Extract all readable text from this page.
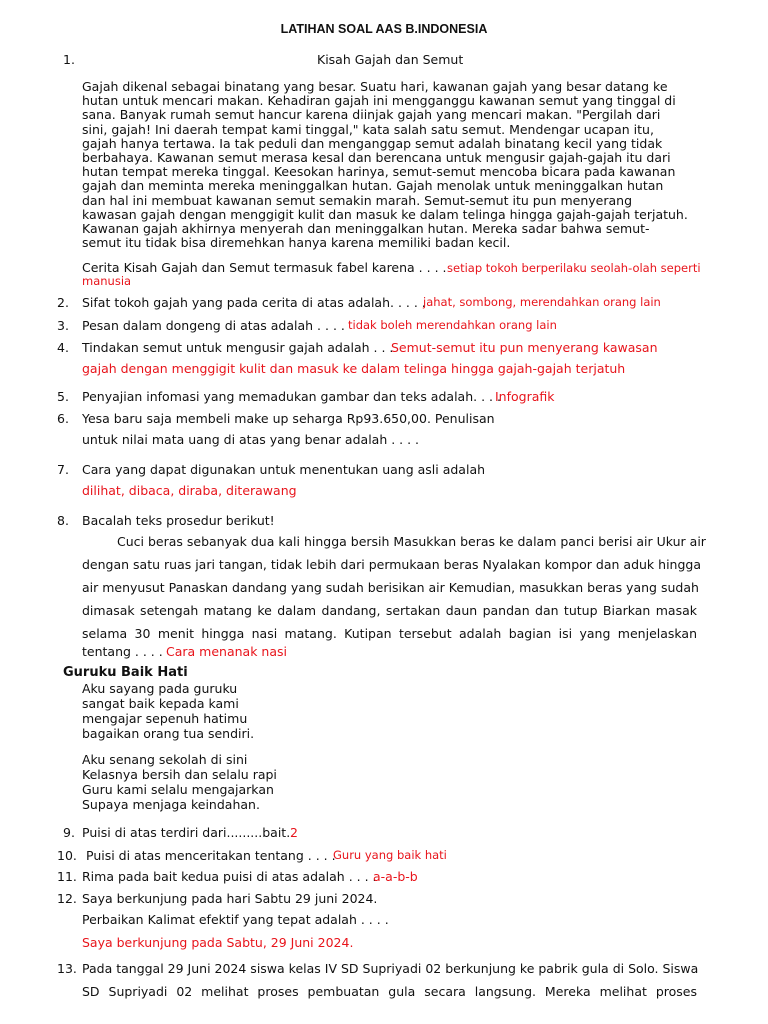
LATIHAN SOAL AAS B.INDONESIA
1.	Kisah Gajah dan Semut
Gajah dikenal sebagai binatang yang besar. Suatu hari, kawanan gajah yang besar datang ke hutan untuk mencari makan. Kehadiran gajah ini mengganggu kawanan semut yang tinggal di sana. Banyak rumah semut hancur karena diinjak gajah yang mencari makan. "Pergilah dari sini, gajah! Ini daerah tempat kami tinggal," kata salah satu semut. Mendengar ucapan itu, gajah hanya tertawa. Ia tak peduli dan menganggap semut adalah binatang kecil yang tidak berbahaya. Kawanan semut merasa kesal dan berencana untuk mengusir gajah-gajah itu dari hutan tempat mereka tinggal. Keesokan harinya, semut-semut mencoba bicara pada kawanan gajah dan meminta mereka meninggalkan hutan. Gajah menolak untuk meninggalkan hutan dan hal ini membuat kawanan semut semakin marah. Semut-semut itu pun menyerang kawasan gajah dengan menggigit kulit dan masuk ke dalam telinga hingga gajah-gajah terjatuh. Kawanan gajah akhirnya menyerah dan meninggalkan hutan. Mereka sadar bahwa semut-semut itu tidak bisa diremehkan hanya karena memiliki badan kecil.
Cerita Kisah Gajah dan Semut termasuk fabel karena . . . . setiap tokoh berperilaku seolah-olah seperti
manusia
2. Sifat tokoh gajah yang pada cerita di atas adalah. . . . .
jahat, sombong, merendahkan orang lain
3. Pesan dalam dongeng di atas adalah . . . . tidak boleh merendahkan orang lain
4. Tindakan semut untuk mengusir gajah adalah . . .
Semut-semut itu pun menyerang kawasan
gajah dengan menggigit kulit dan masuk ke dalam telinga hingga gajah-gajah terjatuh
5. Penyajian infomasi yang memadukan gambar dan teks adalah. . . .
Infografik
6. Yesa baru saja membeli make up seharga Rp93.650,00. Penulisan
untuk nilai mata uang di atas yang benar adalah . . . .
7. Cara yang dapat digunakan untuk menentukan uang asli adalah
dilihat, dibaca, diraba, diterawang
8. Bacalah teks prosedur berikut!
Cuci beras sebanyak dua kali hingga bersih Masukkan beras ke dalam panci berisi air Ukur air
dengan satu ruas jari tangan, tidak lebih dari permukaan beras Nyalakan kompor dan aduk hingga
air menyusut Panaskan dandang yang sudah berisikan air Kemudian, masukkan beras yang sudah
dimasak setengah matang ke dalam dandang, sertakan daun pandan dan tutup Biarkan masak
selama 30 menit hingga nasi matang. Kutipan tersebut adalah bagian isi yang menjelaskan
tentang . . . . Cara menanak nasi
Guruku Baik Hati
Aku sayang pada guruku
sangat baik kepada kami
mengajar sepenuh hatimu
bagaikan orang tua sendiri.
Aku senang sekolah di sini
Kelasnya bersih dan selalu rapi
Guru kami selalu mengajarkan
Supaya menjaga keindahan.
9. Puisi di atas terdiri dari.........bait. 2
10. Puisi di atas menceritakan tentang . . . .
Guru yang baik hati
11. Rima pada bait kedua puisi di atas adalah . . . .
a-a-b-b
12. Saya berkunjung pada hari Sabtu 29 juni 2024.
Perbaikan Kalimat efektif yang tepat adalah . . . .
Saya berkunjung pada Sabtu, 29 Juni 2024.
13. Pada tanggal 29 Juni 2024 siswa kelas IV SD Supriyadi 02 berkunjung ke pabrik gula di Solo. Siswa
SD Supriyadi 02 melihat proses pembuatan gula secara langsung. Mereka melihat proses
